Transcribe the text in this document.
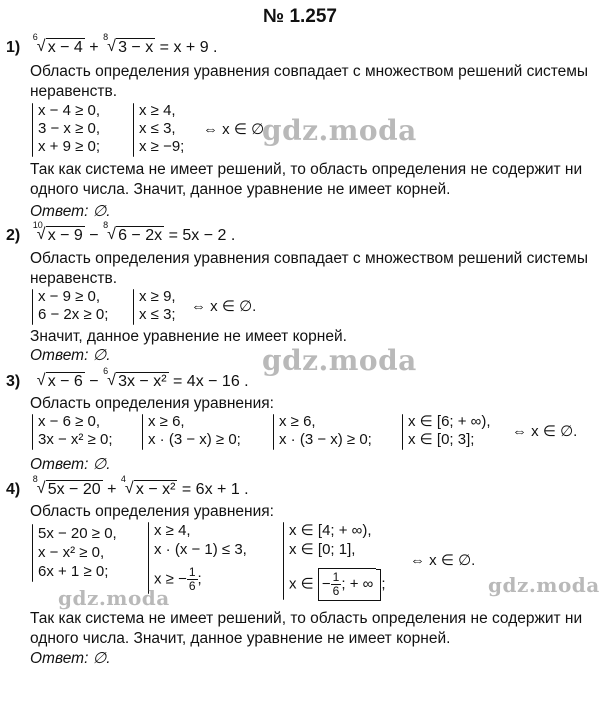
№ 1.257
1)
6
√ x − 4 +
8
√ 3 − x = x + 9 .
Область определения уравнения совпадает с множеством решений системы
неравенств.
x − 4 ≥ 0,
3 − x ≥ 0,
x + 9 ≥ 0;
x ≥ 4,
x ≤ 3,
x ≥ −9;
⇔ x ∈ ∅.
gdz.moda
Так как система не имеет решений, то область определения не содержит ни
одного числа. Значит, данное уравнение не имеет корней.
Ответ: ∅.
2)
10
√ x − 9 −
8
√ 6 − 2x = 5x − 2 .
Область определения уравнения совпадает с множеством решений системы
неравенств.
x − 9 ≥ 0,
6 − 2x ≥ 0;
x ≥ 9,
x ≤ 3; ⇔ x ∈ ∅.
Значит, данное уравнение не имеет корней.
Ответ: ∅.	gdz.moda
3) √ x − 6 −
6
√ 3x − x² = 4x − 16 .
Область определения уравнения:
x − 6 ≥ 0,
3x − x² ≥ 0;
x ≥ 6,
x · (3 − x) ≥ 0;
x ≥ 6,
x · (3 − x) ≥ 0;
x ∈ [6; + ∞),
x ∈ [0; 3];	⇔ x ∈ ∅.
Ответ: ∅.
4)
8
√ 5x − 20 +
4
√ x − x² = 6x + 1 .
Область определения уравнения:
5x − 20 ≥ 0,
x − x² ≥ 0,
6x + 1 ≥ 0;
x ≥ 4,
x · (x − 1) ≤ 3,
x ≥ − $\frac{1}{6}$ ;
x ∈ [4; + ∞),
x ∈ [0; 1],
x ∈ − $\frac{1}{6}$ ; + ∞ ;
⇔ x ∈ ∅.
gdz.moda
gdz.moda
Так как система не имеет решений, то область определения не содержит ни
одного числа. Значит, данное уравнение не имеет корней.
Ответ: ∅.
